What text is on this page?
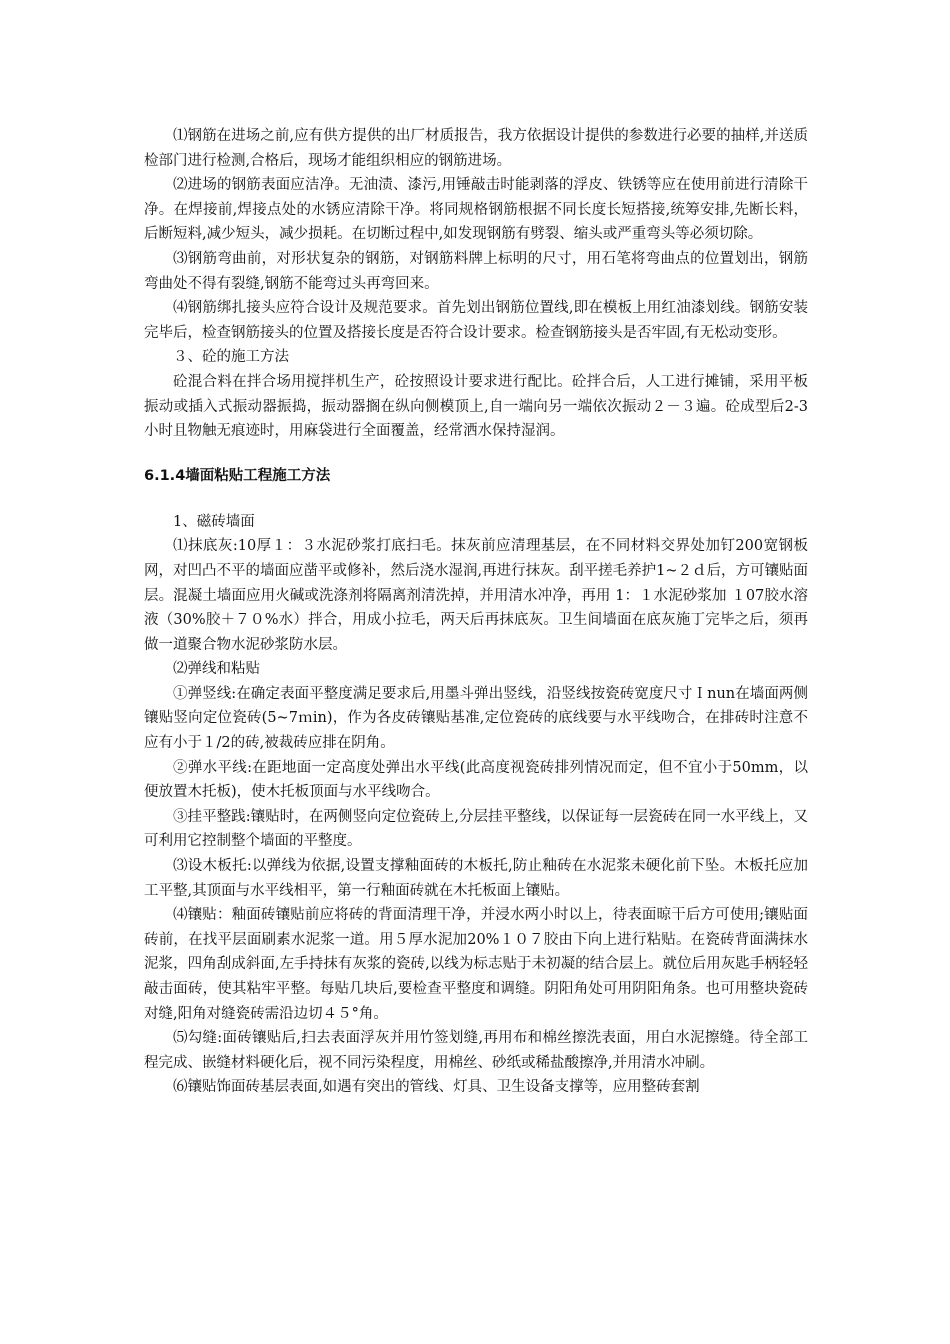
⑴钢筋在进场之前,应有供方提供的出厂材质报告，我方依据设计提供的参数进行必要的抽样,并送质检部门进行检测,合格后，现场才能组织相应的钢筋进场。

⑵进场的钢筋表面应洁净。无油渍、漆污,用锤敲击时能剥落的浮皮、铁锈等应在使用前进行清除干净。在焊接前,焊接点处的水锈应清除干净。将同规格钢筋根据不同长度长短搭接,统筹安排,先断长料，后断短料,减少短头，减少损耗。在切断过程中,如发现钢筋有劈裂、缩头或严重弯头等必须切除。

⑶钢筋弯曲前，对形状复杂的钢筋，对钢筋料牌上标明的尺寸，用石笔将弯曲点的位置划出，钢筋弯曲处不得有裂缝,钢筋不能弯过头再弯回来。

⑷钢筋绑扎接头应符合设计及规范要求。首先划出钢筋位置线,即在模板上用红油漆划线。钢筋安装完毕后，检查钢筋接头的位置及搭接长度是否符合设计要求。检查钢筋接头是否牢固,有无松动变形。

３、砼的施工方法

砼混合料在拌合场用搅拌机生产，砼按照设计要求进行配比。砼拌合后，人工进行摊铺，采用平板振动或插入式振动器振捣，振动器搁在纵向侧模顶上,自一端向另一端依次振动２－３遍。砼成型后2-3小时且物触无痕迹时，用麻袋进行全面覆盖，经常洒水保持湿润。

6.1.4墙面粘贴工程施工方法

1、磁砖墙面

⑴抹底灰:10厚１：３水泥砂浆打底扫毛。抹灰前应清理基层，在不同材料交界处加钉200宽钢板网，对凹凸不平的墙面应凿平或修补，然后浇水湿润,再进行抹灰。刮平搓毛养护1~２ｄ后，方可镶贴面层。混凝土墙面应用火碱或洗涤剂将隔离剂清洗掉，并用清水冲净，再用 1：１水泥砂浆加 １07胶水溶液（30%胶＋７０%水）拌合，用成小拉毛，两天后再抹底灰。卫生间墙面在底灰施丁完毕之后，须再做一道聚合物水泥砂浆防水层。

⑵弹线和粘贴

①弹竖线:在确定表面平整度满足要求后,用墨斗弹出竖线，沿竖线按瓷砖宽度尺寸Ｉnun在墙面两侧镶贴竖向定位瓷砖(5~7ｍin)，作为各皮砖镶贴基准,定位瓷砖的底线要与水平线吻合，在排砖时注意不应有小于１/2的砖,被裁砖应排在阴角。

②弹水平线:在距地面一定高度处弹出水平线(此高度视瓷砖排列情况而定，但不宜小于50mm，以便放置木托板)，使木托板顶面与水平线吻合。

③挂平整践:镶贴时，在两侧竖向定位瓷砖上,分层挂平整线，以保证每一层瓷砖在同一水平线上，又可利用它控制整个墙面的平整度。

⑶设木板托:以弹线为依据,设置支撑釉面砖的木板托,防止釉砖在水泥浆未硬化前下坠。木板托应加工平整,其顶面与水平线相平，第一行釉面砖就在木托板面上镶贴。

⑷镶贴：釉面砖镶贴前应将砖的背面清理干净，并浸水两小时以上，待表面晾干后方可使用;镶贴面砖前，在找平层面刷素水泥浆一道。用５厚水泥加20%１０７胶由下向上进行粘贴。在瓷砖背面满抹水泥浆，四角刮成斜面,左手持抹有灰浆的瓷砖,以线为标志贴于未初凝的结合层上。就位后用灰匙手柄轻轻敲击面砖，使其粘牢平整。每贴几块后,要检查平整度和调缝。阴阳角处可用阴阳角条。也可用整块瓷砖对缝,阳角对缝瓷砖需沿边切４５°角。

⑸勾缝:面砖镶贴后,扫去表面浮灰并用竹签划缝,再用布和棉丝擦洗表面，用白水泥擦缝。待全部工程完成、嵌缝材料硬化后，视不同污染程度，用棉丝、砂纸或稀盐酸擦净,并用清水冲刷。

⑹镶贴饰面砖基层表面,如遇有突出的管线、灯具、卫生设备支撑等，应用整砖套割
